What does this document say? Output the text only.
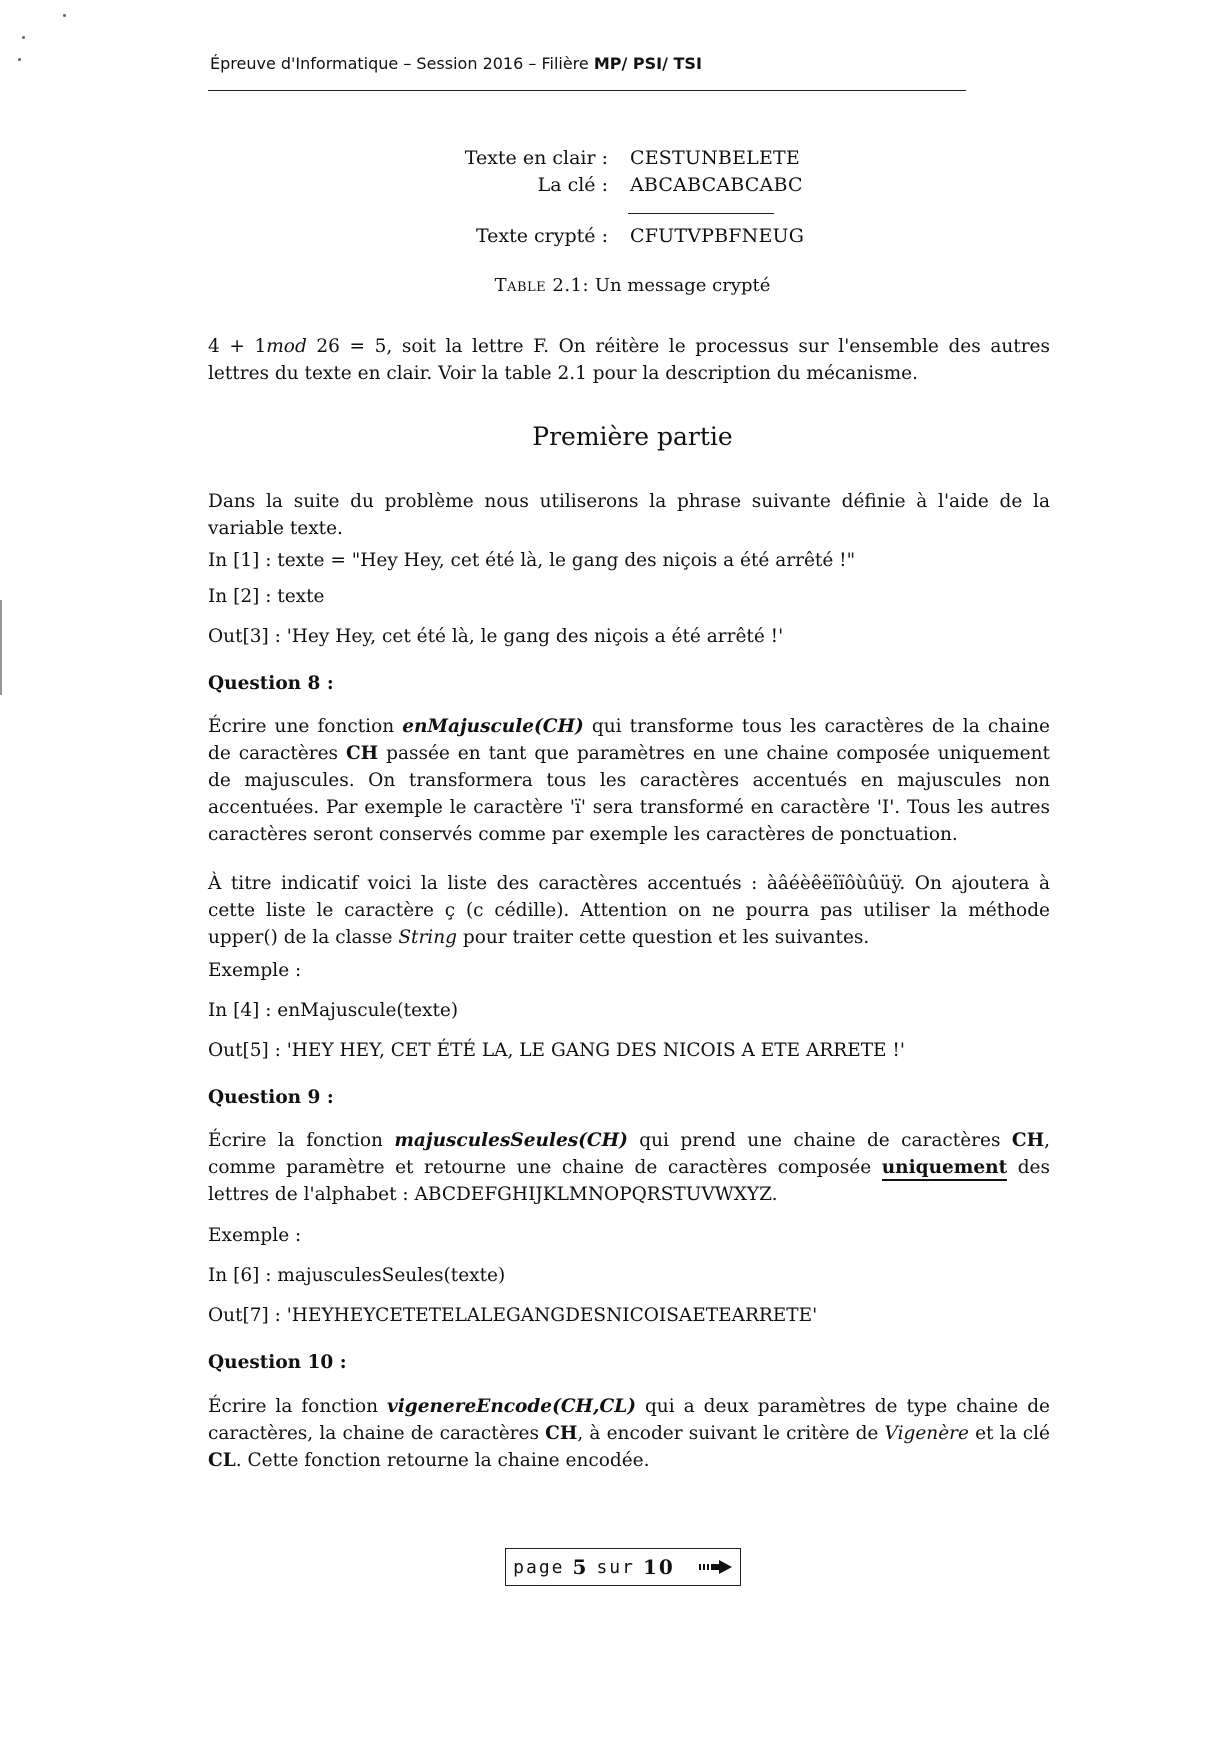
Épreuve d'Informatique – Session 2016 – Filière MP/ PSI/ TSI
Texte en clair :	CESTUNBELETE
La clé :	ABCABCABCABC
Texte crypté :	CFUTVPBFNEUG
Table 2.1: Un message crypté
4 + 1mod 26 = 5, soit la lettre F. On réitère le processus sur l'ensemble des autres lettres du texte en clair. Voir la table 2.1 pour la description du mécanisme.
Première partie
Dans la suite du problème nous utiliserons la phrase suivante définie à l'aide de la variable texte.
In [1] : texte = "Hey Hey, cet été là, le gang des niçois a été arrêté !"
In [2] : texte
Out[3] : 'Hey Hey, cet été là, le gang des niçois a été arrêté !'
Question 8 :
Écrire une fonction enMajuscule(CH) qui transforme tous les caractères de la chaine de caractères CH passée en tant que paramètres en une chaine composée uniquement de majuscules. On transformera tous les caractères accentués en majuscules non accentuées. Par exemple le caractère 'ï' sera transformé en caractère 'I'. Tous les autres caractères seront conservés comme par exemple les caractères de ponctuation.
À titre indicatif voici la liste des caractères accentués : àâéèêëîïôùûüÿ. On ajoutera à cette liste le caractère ç (c cédille). Attention on ne pourra pas utiliser la méthode upper() de la classe String pour traiter cette question et les suivantes.
Exemple :
In [4] : enMajuscule(texte)
Out[5] : 'HEY HEY, CET ÉTÉ LA, LE GANG DES NICOIS A ETE ARRETE !'
Question 9 :
Écrire la fonction majusculesSeules(CH) qui prend une chaine de caractères CH, comme paramètre et retourne une chaine de caractères composée uniquement des lettres de l'alphabet : ABCDEFGHIJKLMNOPQRSTUVWXYZ.
Exemple :
In [6] : majusculesSeules(texte)
Out[7] : 'HEYHEYCETETELALEGANGDESNICOISAETEARRETE'
Question 10 :
Écrire la fonction vigenereEncode(CH,CL) qui a deux paramètres de type chaine de caractères, la chaine de caractères CH, à encoder suivant le critère de Vigenère et la clé CL. Cette fonction retourne la chaine encodée.
page 5 sur 10
